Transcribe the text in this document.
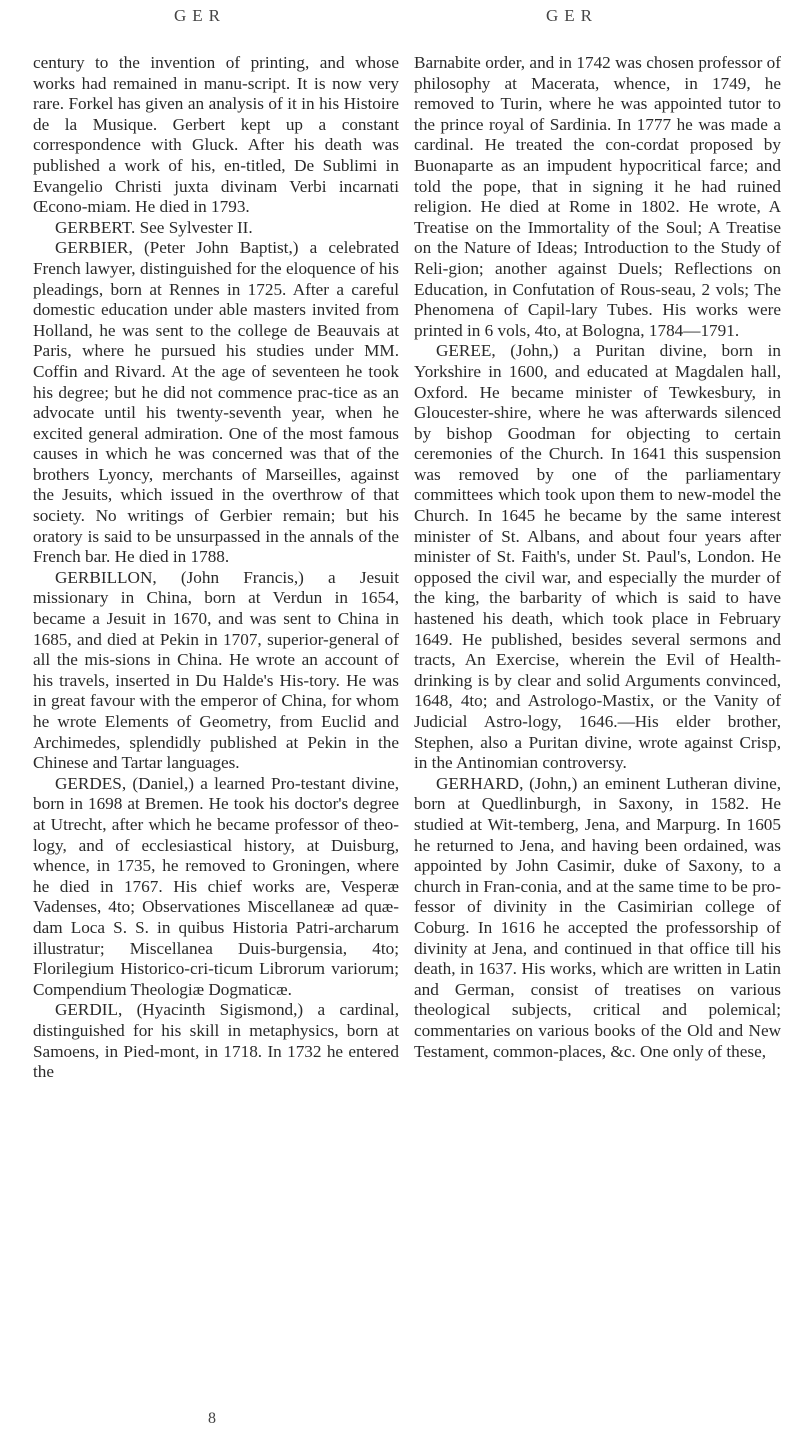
GER	GER

century to the invention of printing, and whose works had remained in manu-script. It is now very rare. Forkel has given an analysis of it in his Histoire de la Musique. Gerbert kept up a constant correspondence with Gluck. After his death was published a work of his, en-titled, De Sublimi in Evangelio Christi juxta divinam Verbi incarnati Œcono-miam. He died in 1793.

GERBERT. See Sylvester II.

GERBIER, (Peter John Baptist,) a celebrated French lawyer, distinguished for the eloquence of his pleadings, born at Rennes in 1725. After a careful domestic education under able masters invited from Holland, he was sent to the college de Beauvais at Paris, where he pursued his studies under MM. Coffin and Rivard. At the age of seventeen he took his degree; but he did not commence prac-tice as an advocate until his twenty-seventh year, when he excited general admiration. One of the most famous causes in which he was concerned was that of the brothers Lyoncy, merchants of Marseilles, against the Jesuits, which issued in the overthrow of that society. No writings of Gerbier remain; but his oratory is said to be unsurpassed in the annals of the French bar. He died in 1788.

GERBILLON, (John Francis,) a Jesuit missionary in China, born at Verdun in 1654, became a Jesuit in 1670, and was sent to China in 1685, and died at Pekin in 1707, superior-general of all the mis-sions in China. He wrote an account of his travels, inserted in Du Halde's His-tory. He was in great favour with the emperor of China, for whom he wrote Elements of Geometry, from Euclid and Archimedes, splendidly published at Pekin in the Chinese and Tartar languages.

GERDES, (Daniel,) a learned Pro-testant divine, born in 1698 at Bremen. He took his doctor's degree at Utrecht, after which he became professor of theo-logy, and of ecclesiastical history, at Duisburg, whence, in 1735, he removed to Groningen, where he died in 1767. His chief works are, Vesperæ Vadenses, 4to; Observationes Miscellaneæ ad quæ-dam Loca S. S. in quibus Historia Patri-archarum illustratur; Miscellanea Duis-burgensia, 4to; Florilegium Historico-cri-ticum Librorum variorum; Compendium Theologiæ Dogmaticæ.

GERDIL, (Hyacinth Sigismond,) a cardinal, distinguished for his skill in metaphysics, born at Samoens, in Pied-mont, in 1718. In 1732 he entered the

Barnabite order, and in 1742 was chosen professor of philosophy at Macerata, whence, in 1749, he removed to Turin, where he was appointed tutor to the prince royal of Sardinia. In 1777 he was made a cardinal. He treated the con-cordat proposed by Buonaparte as an impudent hypocritical farce; and told the pope, that in signing it he had ruined religion. He died at Rome in 1802. He wrote, A Treatise on the Immortality of the Soul; A Treatise on the Nature of Ideas; Introduction to the Study of Reli-gion; another against Duels; Reflections on Education, in Confutation of Rous-seau, 2 vols; The Phenomena of Capil-lary Tubes. His works were printed in 6 vols, 4to, at Bologna, 1784—1791.

GEREE, (John,) a Puritan divine, born in Yorkshire in 1600, and educated at Magdalen hall, Oxford. He became minister of Tewkesbury, in Gloucester-shire, where he was afterwards silenced by bishop Goodman for objecting to certain ceremonies of the Church. In 1641 this suspension was removed by one of the parliamentary committees which took upon them to new-model the Church. In 1645 he became by the same interest minister of St. Albans, and about four years after minister of St. Faith's, under St. Paul's, London. He opposed the civil war, and especially the murder of the king, the barbarity of which is said to have hastened his death, which took place in February 1649. He published, besides several sermons and tracts, An Exercise, wherein the Evil of Health-drinking is by clear and solid Arguments convinced, 1648, 4to; and Astrologo-Mastix, or the Vanity of Judicial Astro-logy, 1646.—His elder brother, Stephen, also a Puritan divine, wrote against Crisp, in the Antinomian controversy.

GERHARD, (John,) an eminent Lutheran divine, born at Quedlinburgh, in Saxony, in 1582. He studied at Wit-temberg, Jena, and Marpurg. In 1605 he returned to Jena, and having been ordained, was appointed by John Casimir, duke of Saxony, to a church in Fran-conia, and at the same time to be pro-fessor of divinity in the Casimirian college of Coburg. In 1616 he accepted the professorship of divinity at Jena, and continued in that office till his death, in 1637. His works, which are written in Latin and German, consist of treatises on various theological subjects, critical and polemical; commentaries on various books of the Old and New Testament, common-places, &c. One only of these,

8
